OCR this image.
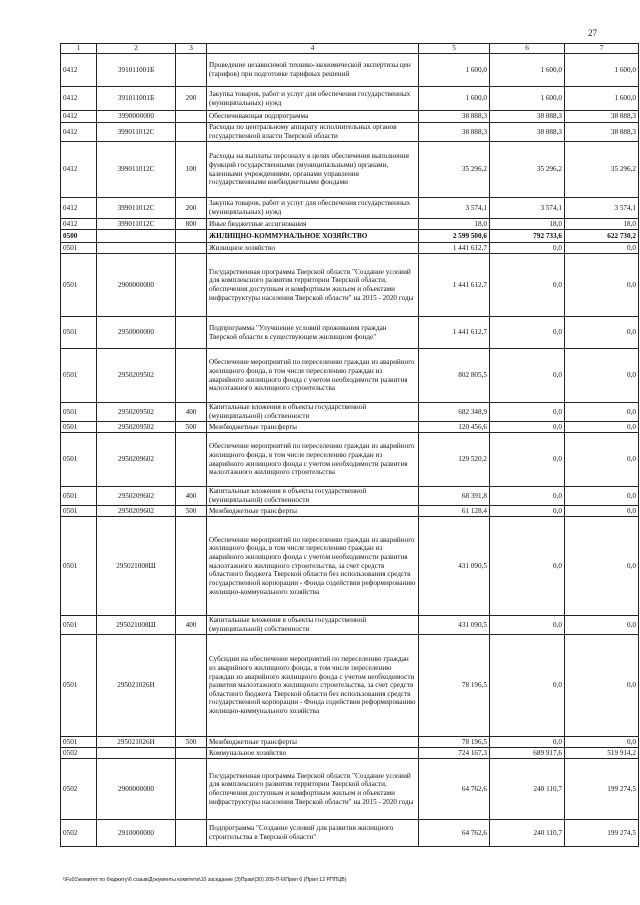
27
1	2	3	4	5	6	7
0412	391011001Б		Проведение независимой технико-экономической экспертизы цен (тарифов) при подготовке тарифных решений	1 600,0	1 600,0	1 600,0
0412	391011001Б	200	Закупка товаров, работ и услуг для обеспечения государственных (муниципальных) нужд	1 600,0	1 600,0	1 600,0
0412	3990000000		Обеспечивающая подпрограмма	38 888,3	38 888,3	38 888,3
0412	399011012С		Расходы по центральному аппарату исполнительных органов государственной власти Тверской области	38 888,3	38 888,3	38 888,3
0412	399011012С	100	Расходы на выплаты персоналу в целях обеспечения выполнения функций государственными (муниципальными) органами, казенными учреждениями, органами управления государственными внебюджетными фондами	35 296,2	35 296,2	35 296,2
0412	399011012С	200	Закупка товаров, работ и услуг для обеспечения государственных (муниципальных) нужд	3 574,1	3 574,1	3 574,1
0412	399011012С	800	Иные бюджетные ассигнования	18,0	18,0	18,0
0500			ЖИЛИЩНО-КОММУНАЛЬНОЕ ХОЗЯЙСТВО	2 599 500,6	792 733,6	622 730,2
0501			Жилищное хозяйство	1 441 612,7	0,0	0,0
0501	2900000000		Государственная программа Тверской области "Создание условий для комплексного развития территории Тверской области, обеспечения доступным и комфортным жильем и объектами инфраструктуры населения Тверской области" на 2015 - 2020 годы	1 441 612,7	0,0	0,0
0501	2950000000		Подпрограмма "Улучшение условий проживания граждан Тверской области в существующем жилищном фонде"	1 441 612,7	0,0	0,0
0501	2950209502		Обеспечение мероприятий по переселению граждан из аварийного жилищного фонда, в том числе переселению граждан из аварийного жилищного фонда с учетом необходимости развития малоэтажного жилищного строительства	802 805,5	0,0	0,0
0501	2950209502	400	Капитальные вложения в объекты государственной (муниципальной) собственности	682 348,9	0,0	0,0
0501	2950209502	500	Межбюджетные трансферты	120 456,6	0,0	0,0
0501	2950209602		Обеспечение мероприятий по переселению граждан из аварийного жилищного фонда, в том числе переселению граждан из аварийного жилищного фонда с учетом необходимости развития малоэтажного жилищного строительства	129 520,2	0,0	0,0
0501	2950209602	400	Капитальные вложения в объекты государственной (муниципальной) собственности	68 391,8	0,0	0,0
0501	2950209602	500	Межбюджетные трансферты	61 128,4	0,0	0,0
0501	295021008Ш		Обеспечение мероприятий по переселению граждан из аварийного жилищного фонда, в том числе переселению граждан из аварийного жилищного фонда с учетом необходимости развития малоэтажного жилищного строительства, за счет средств областного бюджета Тверской области без использования средств государственной корпорации - Фонда содействия реформированию жилищно-коммунального хозяйства	431 090,5	0,0	0,0
0501	295021008Ш	400	Капитальные вложения в объекты государственной (муниципальной) собственности	431 090,5	0,0	0,0
0501	295021026Н		Субсидии на обеспечение мероприятий по переселению граждан из аварийного жилищного фонда, в том числе переселению граждан из аварийного жилищного фонда с учетом необходимости развития малоэтажного жилищного строительства, за счет средств областного бюджета Тверской области без использования средств государственной корпорации - Фонда содействия реформированию жилищно-коммунального хозяйства	78 196,5	0,0	0,0
0501	295021026Н	500	Межбюджетные трансферты	78 196,5	0,0	0,0
0502			Коммунальное хозяйство	724 167,3	689 917,6	519 914,2
0502	2900000000		Государственная программа Тверской области "Создание условий для комплексного развития территории Тверской области, обеспечения доступным и комфортным жильем и объектами инфраструктуры населения Тверской области" на 2015 - 2020 годы	64 762,6	240 110,7	199 274,5
0502	2910000000		Подпрограмма "Создание условий для развития жилищного строительства в Тверской области"	64 762,6	240 110,7	199 274,5
\\Fs01\комитет по бюджету\6 созыв\Документы комитета\10 заседание (3)Прав\(30) 209-П-6\Прил 6 (Прил 12 РППЦВ)
